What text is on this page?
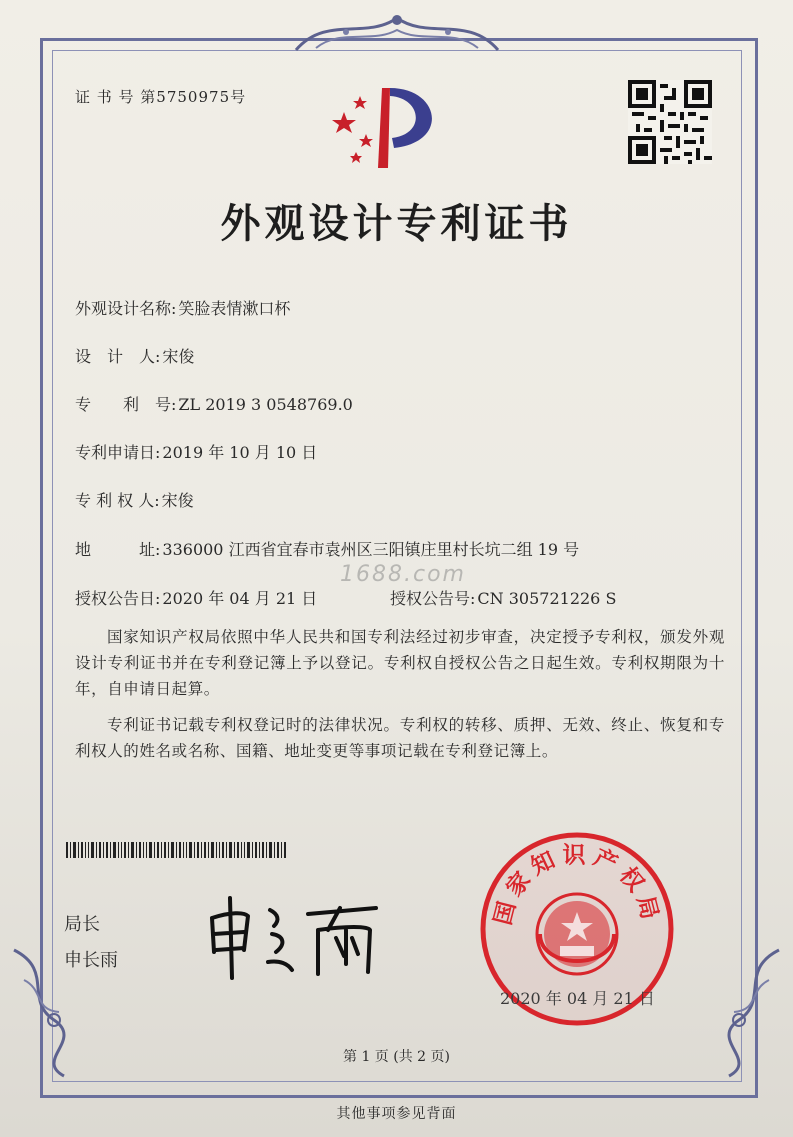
证 书 号 第5750975号
外观设计专利证书
外观设计名称: 笑脸表情漱口杯
设　计　人: 宋俊
专　　利　号: ZL 2019 3 0548769.0
专利申请日: 2019 年 10 月 10 日
专 利 权 人: 宋俊
地　　　址: 336000 江西省宜春市袁州区三阳镇庄里村长坑二组 19 号
授权公告日: 2020 年 04 月 21 日	授权公告号: CN 305721226 S
1688.com

国家知识产权局依照中华人民共和国专利法经过初步审查，决定授予专利权，颁发外观设计专利证书并在专利登记簿上予以登记。专利权自授权公告之日起生效。专利权期限为十年，自申请日起算。

专利证书记载专利权登记时的法律状况。专利权的转移、质押、无效、终止、恢复和专利权人的姓名或名称、国籍、地址变更等事项记载在专利登记簿上。

局长
申长雨
国家知识产权局
2020 年 04 月 21 日
第 1 页 (共 2 页)
其他事项参见背面
